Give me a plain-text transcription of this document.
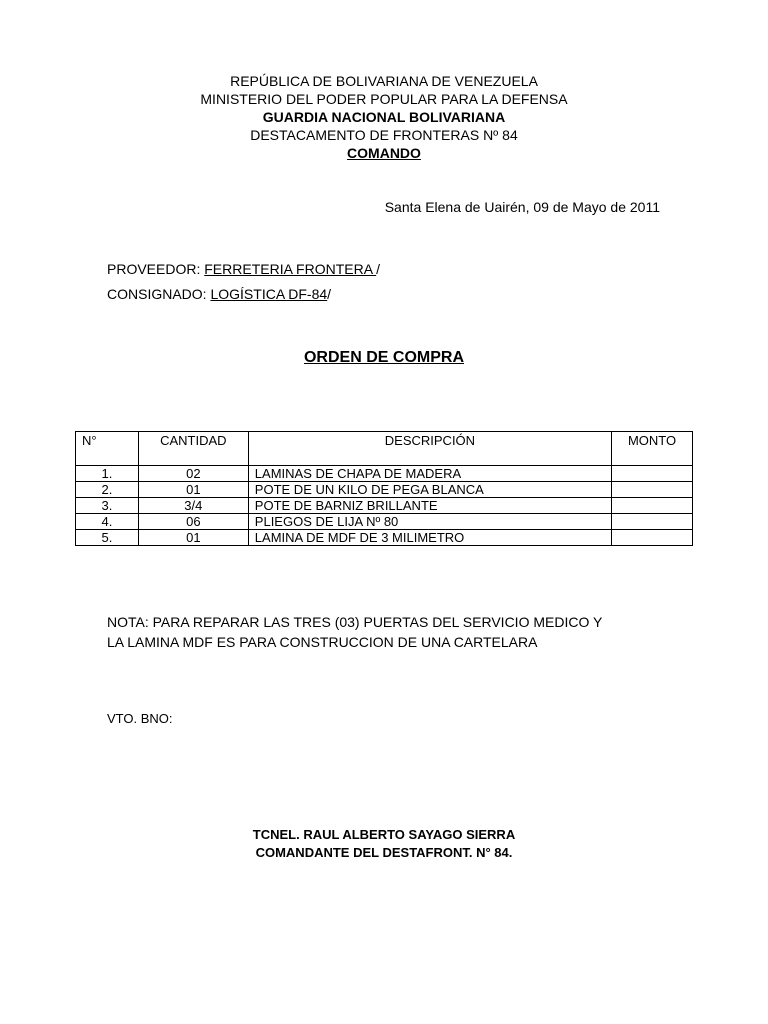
REPÚBLICA DE BOLIVARIANA DE VENEZUELA
MINISTERIO DEL PODER POPULAR PARA LA DEFENSA
GUARDIA NACIONAL BOLIVARIANA
DESTACAMENTO DE FRONTERAS Nº 84
COMANDO
Santa Elena de Uairén, 09 de Mayo de 2011
PROVEEDOR: FERRETERIA FRONTERA /
CONSIGNADO: LOGÍSTICA DF-84/
ORDEN DE COMPRA
N°	CANTIDAD	DESCRIPCIÓN	MONTO
1.	02	LAMINAS DE CHAPA DE MADERA	
2.	01	POTE DE UN KILO DE PEGA BLANCA	
3.	3/4	POTE DE BARNIZ BRILLANTE	
4.	06	PLIEGOS DE LIJA Nº 80	
5.	01	LAMINA DE MDF DE 3 MILIMETRO	
NOTA: PARA REPARAR LAS TRES (03) PUERTAS DEL SERVICIO MEDICO Y
LA LAMINA MDF ES PARA CONSTRUCCION DE UNA CARTELARA
VTO. BNO:
TCNEL. RAUL ALBERTO SAYAGO SIERRA
COMANDANTE DEL DESTAFRONT. N° 84.
